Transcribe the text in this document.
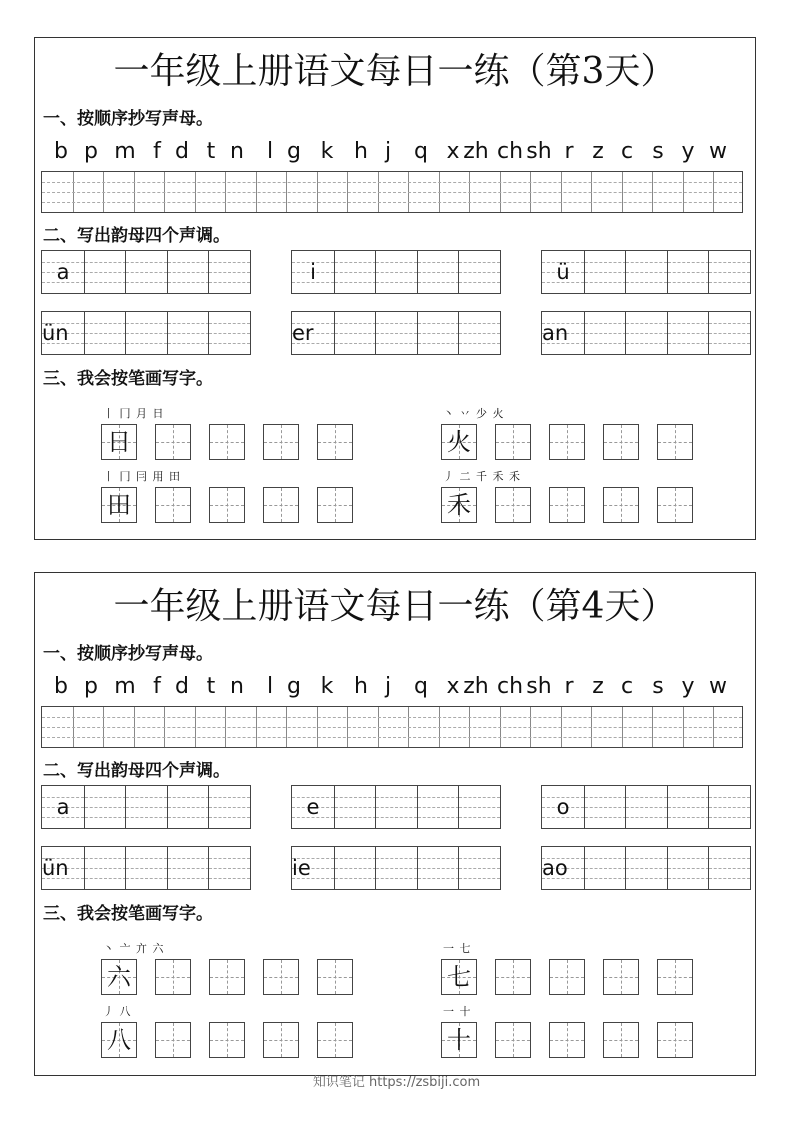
一年级上册语文每日一练（第3天）
一、按顺序抄写声母。
b p m f d t n l g k h j q x zh ch sh r z c s y w
二、写出韵母四个声调。
a	i	ü
ün	er	an
三、我会按笔画写字。
丨 冂 月 日
日
丶 丷 少 火
火
丨 冂 冃 用 田
田
丿 二 千 禾 禾
禾
一年级上册语文每日一练（第4天）
一、按顺序抄写声母。
b p m f d t n l g k h j q x zh ch sh r z c s y w
二、写出韵母四个声调。
a	e	o
ün	ie	ao
三、我会按笔画写字。
丶 亠 亣 六
六
一 七
七
丿 八
八
一 十
十
知识笔记 https://zsbiji.com
